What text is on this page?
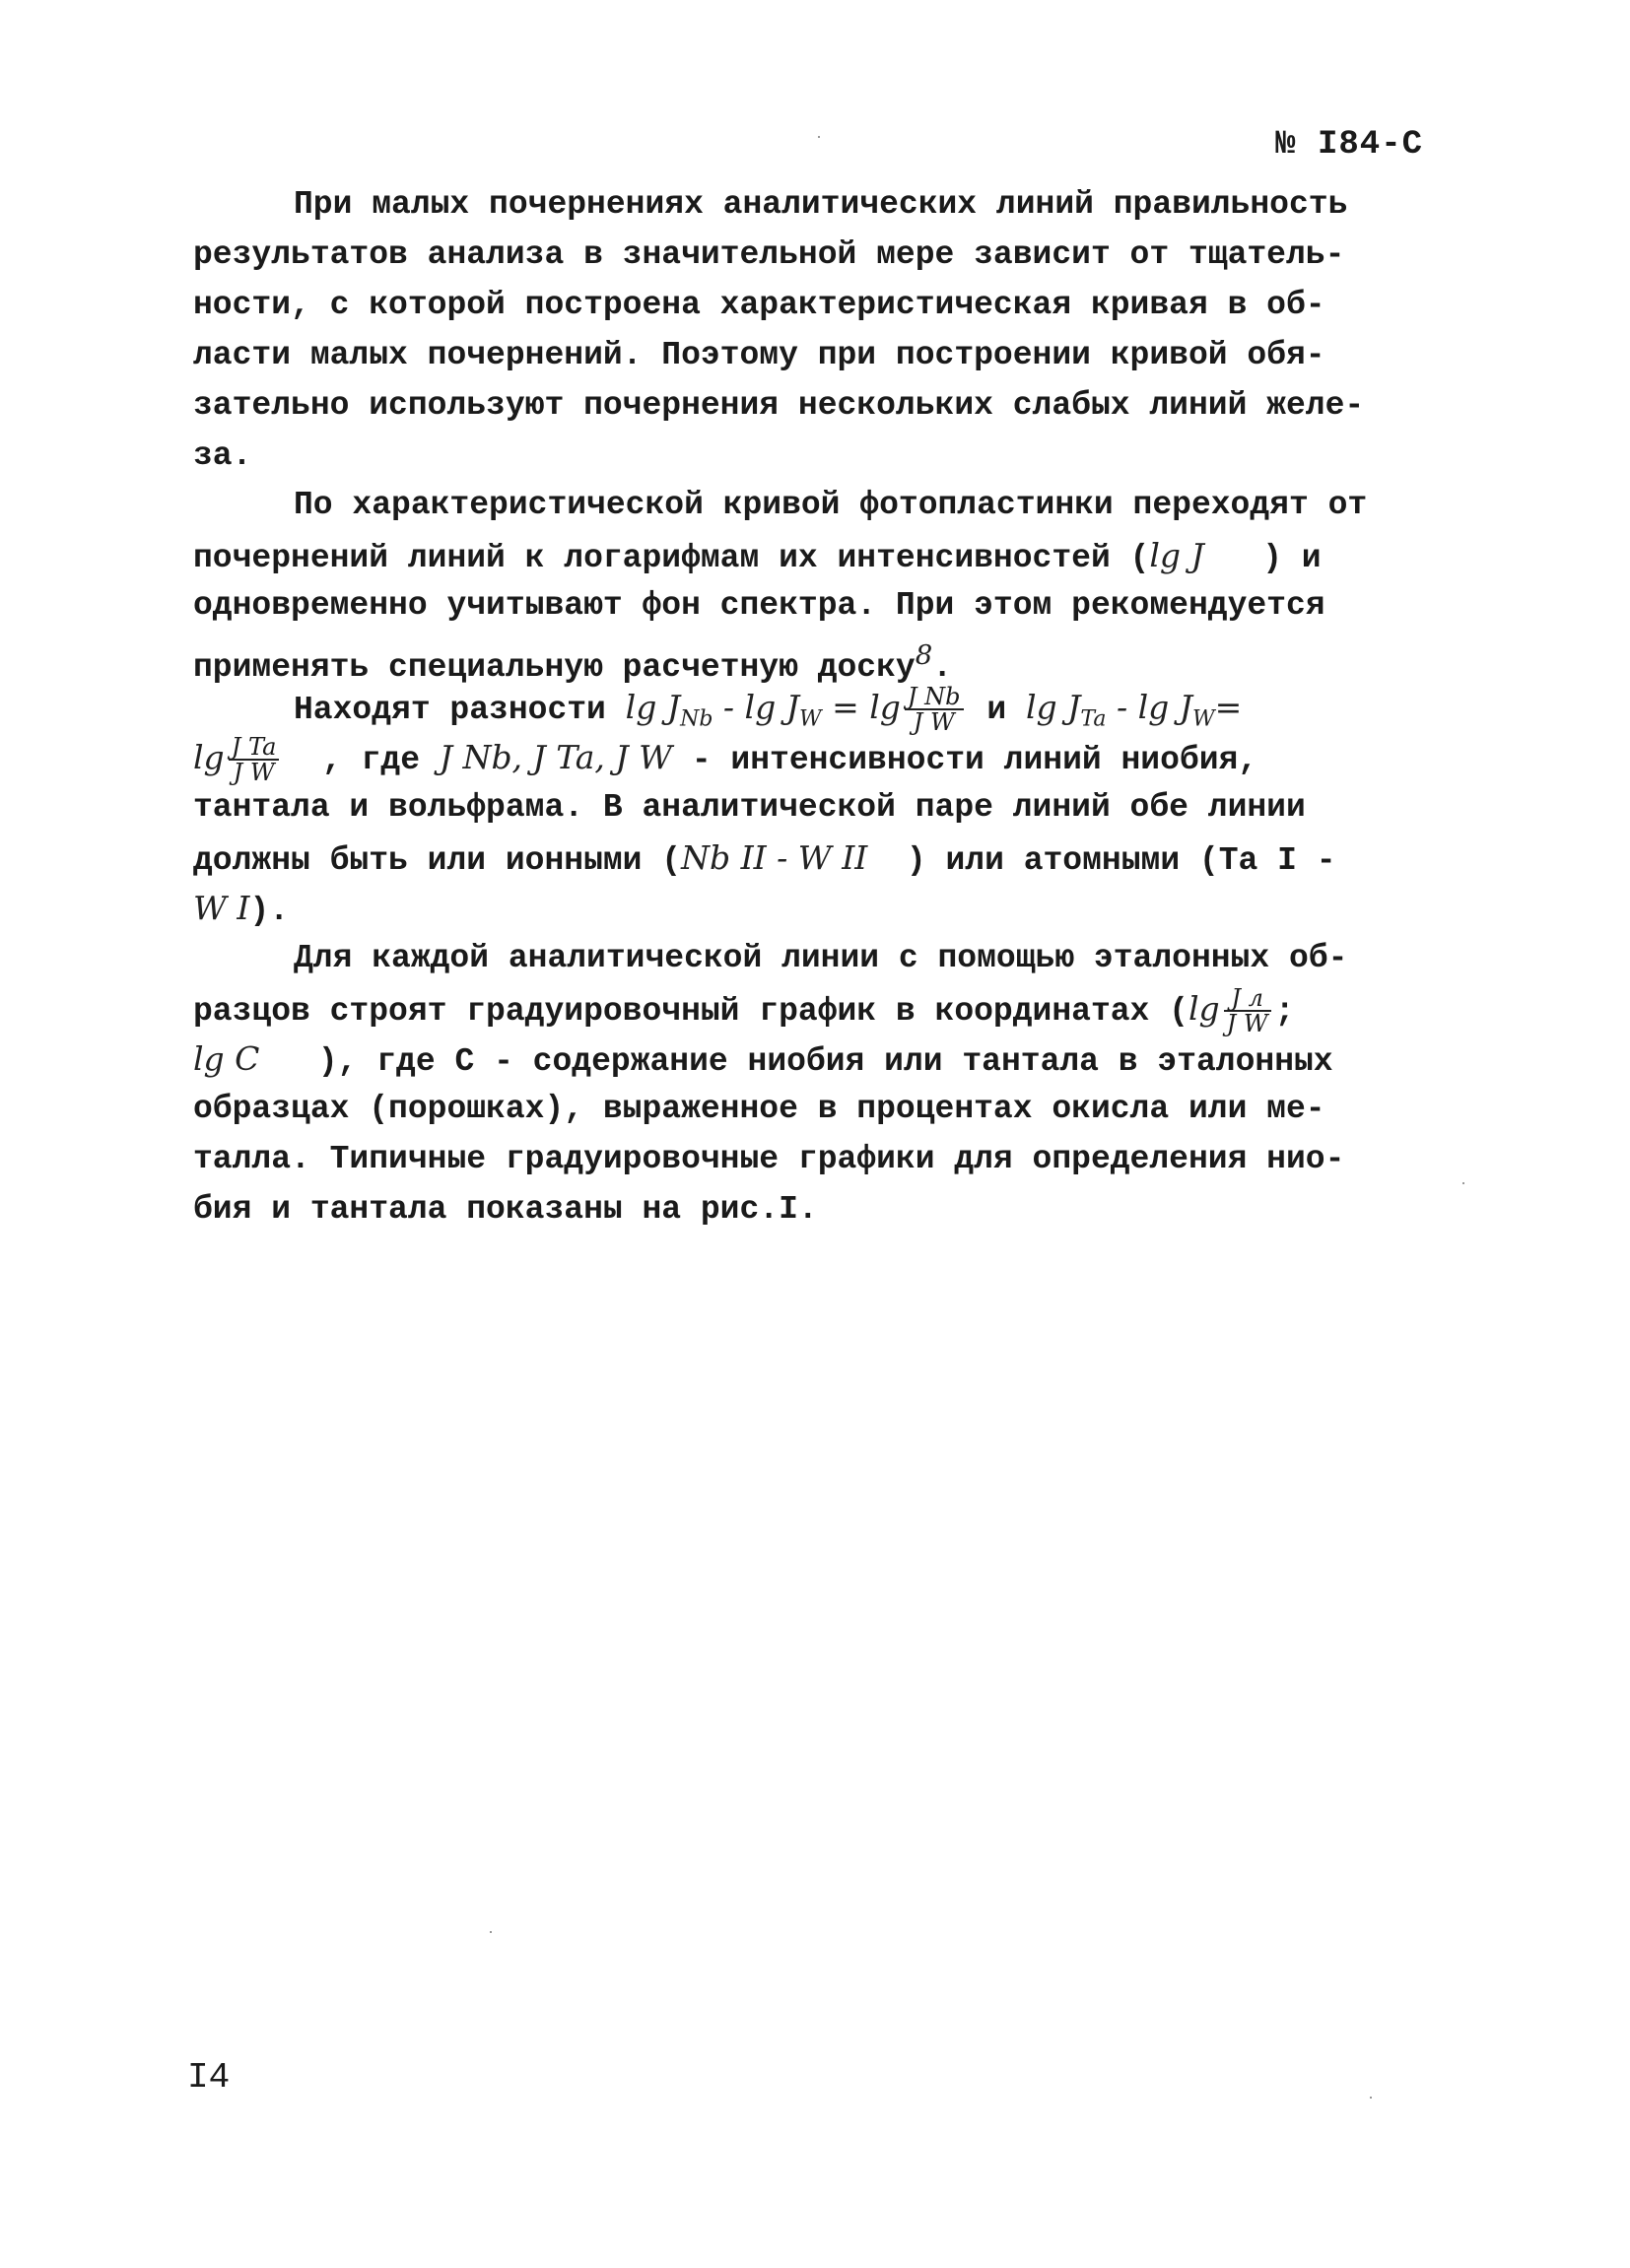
№ I84-С
При малых почернениях аналитических линий правильность
результатов анализа в значительной мере зависит от тщатель-
ности, с которой построена характеристическая кривая в об-
ласти малых почернений. Поэтому при построении кривой обя-
зательно используют почернения нескольких слабых линий желе-
за.
По характеристической кривой фотопластинки переходят от
почернений линий к логарифмам их интенсивностей (lg J ) и
одновременно учитывают фон спектра. При этом рекомендуется
применять специальную расчетную доску$^8$.
Находят разности $\lg J_{Nb} - \lg J_W = \lg \frac{\text{J Nb}}{\text{J W}}$ и $\lg J_{Ta} - \lg J_W=$
$\lg \frac{\text{J Ta}}{\text{J W}}$ , где J Nb, J Ta, J W - интенсивности линий ниобия,
тантала и вольфрама. В аналитической паре линий обе линии
должны быть или ионными (Nb II - W II ) или атомными (Та I -
W I).
Для каждой аналитической линии с помощью эталонных об-
разцов строят градуировочный график в координатах ($\lg \frac{\text{J л}}{\text{J W}}$ ;
lg C ), где С - содержание ниобия или тантала в эталонных
образцах (порошках), выраженное в процентах окисла или ме-
талла. Типичные градуировочные графики для определения нио-
бия и тантала показаны на рис.I.
I4
